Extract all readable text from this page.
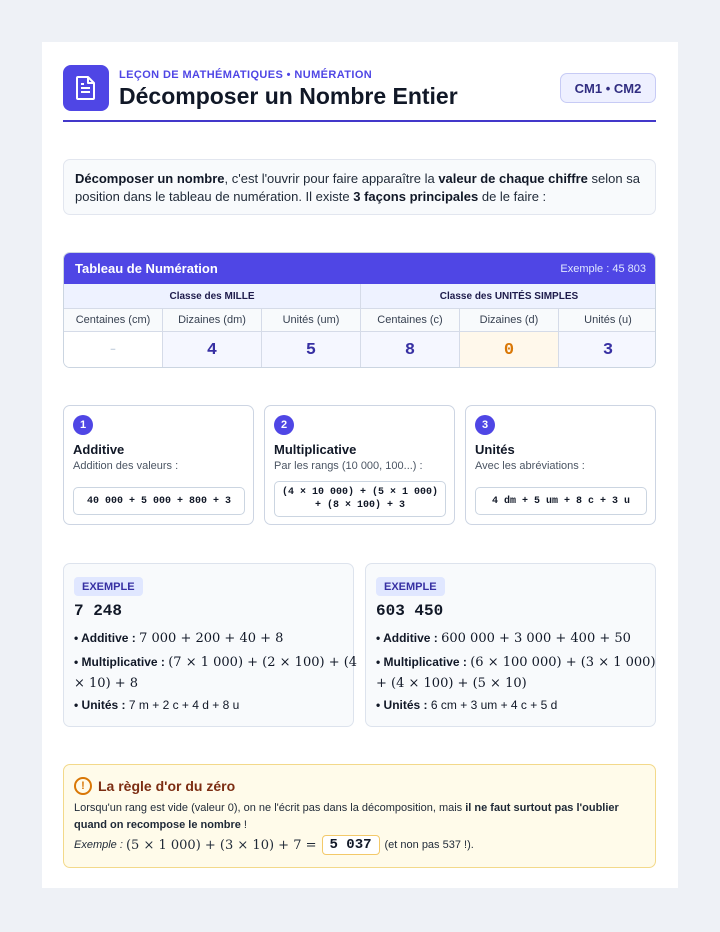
LEÇON DE MATHÉMATIQUES • NUMÉRATION
Décomposer un Nombre Entier	CM1 • CM2
Décomposer un nombre, c'est l'ouvrir pour faire apparaître la valeur de chaque chiffre selon sa position dans le tableau de numération. Il existe 3 façons principales de le faire :
Tableau de Numération	Exemple : 45 803
Classe des MILLE	Classe des UNITÉS SIMPLES
Centaines (cm)	Dizaines (dm)	Unités (um)	Centaines (c)	Dizaines (d)	Unités (u)
-	4	5	8	0	3
1
Additive
Addition des valeurs :
40 000 + 5 000 + 800 + 3
2
Multiplicative
Par les rangs (10 000, 100...) :
(4 × 10 000) + (5 × 1 000) + (8 × 100) + 3
3
Unités
Avec les abréviations :
4 dm + 5 um + 8 c + 3 u
EXEMPLE
7 248
• Additive : 7 000 + 200 + 40 + 8
• Multiplicative : (7 × 1 000) + (2 × 100) + (4
× 10) + 8
• Unités : 7 m + 2 c + 4 d + 8 u
EXEMPLE
603 450
• Additive : 600 000 + 3 000 + 400 + 50
• Multiplicative : (6 × 100 000) + (3 × 1 000)
+ (4 × 100) + (5 × 10)
• Unités : 6 cm + 3 um + 4 c + 5 d
! La règle d'or du zéro
Lorsqu'un rang est vide (valeur 0), on ne l'écrit pas dans la décomposition, mais il ne faut surtout pas l'oublier quand on recompose le nombre !
Exemple :
(5 × 1 000) + (3 × 10) + 7 = 5 037	(et non pas 537 !).
